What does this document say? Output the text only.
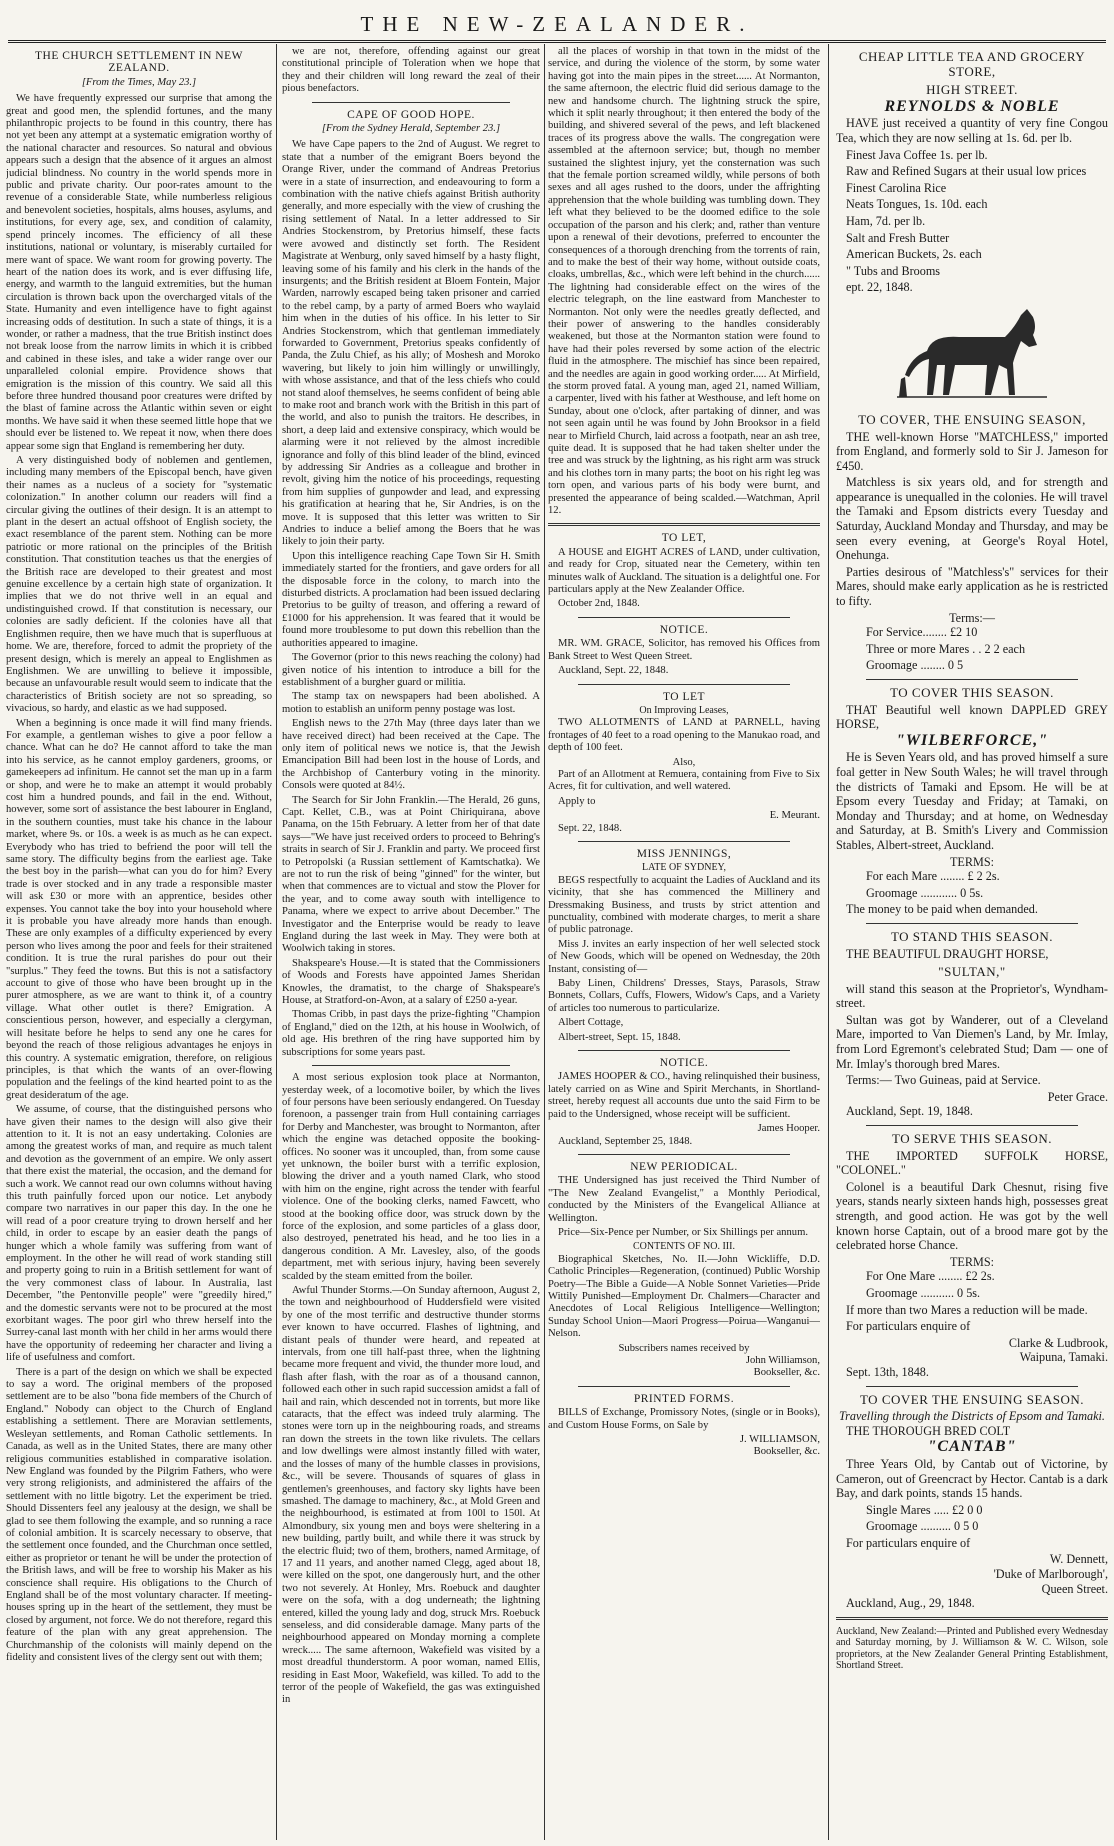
THE NEW-ZEALANDER.
THE CHURCH SETTLEMENT IN NEW ZEALAND.
[From the Times, May 23.]

We have frequently expressed our surprise that among the great and good men, the splendid fortunes, and the many philanthropic projects to be found in this country, there has not yet been any attempt at a systematic emigration worthy of the national character and resources. So natural and obvious appears such a design that the absence of it argues an almost judicial blindness. No country in the world spends more in public and private charity. Our poor-rates amount to the revenue of a considerable State, while numberless religious and benevolent societies, hospitals, alms houses, asylums, and institutions, for every age, sex, and condition of calamity, spend princely incomes. The efficiency of all these institutions, national or voluntary, is miserably curtailed for mere want of space. We want room for growing poverty. The heart of the nation does its work, and is ever diffusing life, energy, and warmth to the languid extremities, but the human circulation is thrown back upon the overcharged vitals of the State. Humanity and even intelligence have to fight against increasing odds of destitution. In such a state of things, it is a wonder, or rather a madness, that the true British instinct does not break loose from the narrow limits in which it is cribbed and cabined in these isles, and take a wider range over our unparalleled colonial empire. Providence shows that emigration is the mission of this country. We said all this before three hundred thousand poor creatures were drifted by the blast of famine across the Atlantic within seven or eight months. We have said it when these seemed little hope that we should ever be listened to. We repeat it now, when there does appear some sign that England is remembering her duty.

A very distinguished body of noblemen and gentlemen, including many members of the Episcopal bench, have given their names as a nucleus of a society for "systematic colonization." In another column our readers will find a circular giving the outlines of their design. It is an attempt to plant in the desert an actual offshoot of English society, the exact resemblance of the parent stem. Nothing can be more patriotic or more rational on the principles of the British constitution. That constitution teaches us that the energies of the British race are developed to their greatest and most genuine excellence by a certain high state of organization. It implies that we do not thrive well in an equal and undistinguished crowd. If that constitution is necessary, our colonies are sadly deficient. If the colonies have all that Englishmen require, then we have much that is superfluous at home. We are, therefore, forced to admit the propriety of the present design, which is merely an appeal to Englishmen as Englishmen. We are unwilling to believe it impossible, because an unfavourable result would seem to indicate that the characteristics of British society are not so spreading, so vivacious, so hardy, and elastic as we had supposed.

When a beginning is once made it will find many friends. For example, a gentleman wishes to give a poor fellow a chance. What can he do? He cannot afford to take the man into his service, as he cannot employ gardeners, grooms, or gamekeepers ad infinitum. He cannot set the man up in a farm or shop, and were he to make an attempt it would probably cost him a hundred pounds, and fail in the end. Without, however, some sort of assistance the best labourer in England, in the southern counties, must take his chance in the labour market, where 9s. or 10s. a week is as much as he can expect. Everybody who has tried to befriend the poor will tell the same story. The difficulty begins from the earliest age. Take the best boy in the parish—what can you do for him? Every trade is over stocked and in any trade a responsible master will ask £30 or more with an apprentice, besides other expenses. You cannot take the boy into your household where it is probable you have already more hands than enough. These are only examples of a difficulty experienced by every person who lives among the poor and feels for their straitened condition. It is true the rural parishes do pour out their "surplus." They feed the towns. But this is not a satisfactory account to give of those who have been brought up in the purer atmosphere, as we are want to think it, of a country village. What other outlet is there? Emigration. A conscientious person, however, and especially a clergyman, will hesitate before he helps to send any one he cares for beyond the reach of those religious advantages he enjoys in this country. A systematic emigration, therefore, on religious principles, is that which the wants of an over-flowing population and the feelings of the kind hearted point to as the great desideratum of the age.

We assume, of course, that the distinguished persons who have given their names to the design will also give their attention to it. It is not an easy undertaking. Colonies are among the greatest works of man, and require as much talent and devotion as the government of an empire. We only assert that there exist the material, the occasion, and the demand for such a work. We cannot read our own columns without having this truth painfully forced upon our notice. Let anybody compare two narratives in our paper this day. In the one he will read of a poor creature trying to drown herself and her child, in order to escape by an easier death the pangs of hunger which a whole family was suffering from want of employment. In the other he will read of work standing still and property going to ruin in a British settlement for want of the very commonest class of labour. In Australia, last December, "the Pentonville people" were "greedily hired," and the domestic servants were not to be procured at the most exorbitant wages. The poor girl who threw herself into the Surrey-canal last month with her child in her arms would there have the opportunity of redeeming her character and living a life of usefulness and comfort.

There is a part of the design on which we shall be expected to say a word. The original members of the proposed settlement are to be also "bona fide members of the Church of England." Nobody can object to the Church of England establishing a settlement. There are Moravian settlements, Wesleyan settlements, and Roman Catholic settlements. In Canada, as well as in the United States, there are many other religious communities established in comparative isolation. New England was founded by the Pilgrim Fathers, who were very strong religionists, and administered the affairs of the settlement with no little bigotry. Let the experiment be tried. Should Dissenters feel any jealousy at the design, we shall be glad to see them following the example, and so running a race of colonial ambition. It is scarcely necessary to observe, that the settlement once founded, and the Churchman once settled, either as proprietor or tenant he will be under the protection of the British laws, and will be free to worship his Maker as his conscience shall require. His obligations to the Church of England shall be of the most voluntary character. If meeting-houses spring up in the heart of the settlement, they must be closed by argument, not force. We do not therefore, regard this feature of the plan with any great apprehension. The Churchmanship of the colonists will mainly depend on the fidelity and consistent lives of the clergy sent out with them;

we are not, therefore, offending against our great constitutional principle of Toleration when we hope that they and their children will long reward the zeal of their pious benefactors.

CAPE OF GOOD HOPE.
[From the Sydney Herald, September 23.]

We have Cape papers to the 2nd of August. We regret to state that a number of the emigrant Boers beyond the Orange River, under the command of Andreas Pretorius were in a state of insurrection, and endeavouring to form a combination with the native chiefs against British authority generally, and more especially with the view of crushing the rising settlement of Natal. In a letter addressed to Sir Andries Stockenstrom, by Pretorius himself, these facts were avowed and distinctly set forth. The Resident Magistrate at Wenburg, only saved himself by a hasty flight, leaving some of his family and his clerk in the hands of the insurgents; and the British resident at Bloem Fontein, Major Warden, narrowly escaped being taken prisoner and carried to the rebel camp, by a party of armed Boers who waylaid him when in the duties of his office. In his letter to Sir Andries Stockenstrom, which that gentleman immediately forwarded to Government, Pretorius speaks confidently of Panda, the Zulu Chief, as his ally; of Moshesh and Moroko wavering, but likely to join him willingly or unwillingly, with whose assistance, and that of the less chiefs who could not stand aloof themselves, he seems confident of being able to make root and branch work with the British in this part of the world, and also to punish the traitors. He describes, in short, a deep laid and extensive conspiracy, which would be alarming were it not relieved by the almost incredible ignorance and folly of this blind leader of the blind, evinced by addressing Sir Andries as a colleague and brother in revolt, giving him the notice of his proceedings, requesting from him supplies of gunpowder and lead, and expressing his gratification at hearing that he, Sir Andries, is on the move. It is supposed that this letter was written to Sir Andries to induce a belief among the Boers that he was likely to join their party.

Upon this intelligence reaching Cape Town Sir H. Smith immediately started for the frontiers, and gave orders for all the disposable force in the colony, to march into the disturbed districts. A proclamation had been issued declaring Pretorius to be guilty of treason, and offering a reward of £1000 for his apprehension. It was feared that it would be found more troublesome to put down this rebellion than the authorities appeared to imagine.

The Governor (prior to this news reaching the colony) had given notice of his intention to introduce a bill for the establishment of a burgher guard or militia.

The stamp tax on newspapers had been abolished. A motion to establish an uniform penny postage was lost.

English news to the 27th May (three days later than we have received direct) had been received at the Cape. The only item of political news we notice is, that the Jewish Emancipation Bill had been lost in the house of Lords, and the Archbishop of Canterbury voting in the minority. Consols were quoted at 84½.

The Search for Sir John Franklin.—The Herald, 26 guns, Capt. Kellet, C.B., was at Point Chiriquirana, above Panama, on the 15th February. A letter from her of that date says—"We have just received orders to proceed to Behring's straits in search of Sir J. Franklin and party. We proceed first to Petropolski (a Russian settlement of Kamtschatka). We are not to run the risk of being "ginned" for the winter, but when that commences are to victual and stow the Plover for the year, and to come away south with intelligence to Panama, where we expect to arrive about December." The Investigator and the Enterprise would be ready to leave England during the last week in May. They were both at Woolwich taking in stores.

Shakspeare's House.—It is stated that the Commissioners of Woods and Forests have appointed James Sheridan Knowles, the dramatist, to the charge of Shakspeare's House, at Stratford-on-Avon, at a salary of £250 a-year.

Thomas Cribb, in past days the prize-fighting "Champion of England," died on the 12th, at his house in Woolwich, of old age. His brethren of the ring have supported him by subscriptions for some years past.

A most serious explosion took place at Normanton, yesterday week, of a locomotive boiler, by which the lives of four persons have been seriously endangered. On Tuesday forenoon, a passenger train from Hull containing carriages for Derby and Manchester, was brought to Normanton, after which the engine was detached opposite the booking-offices. No sooner was it uncoupled, than, from some cause yet unknown, the boiler burst with a terrific explosion, blowing the driver and a youth named Clark, who stood with him on the engine, right across the tender with fearful violence. One of the booking clerks, named Fawcett, who stood at the booking office door, was struck down by the force of the explosion, and some particles of a glass door, also destroyed, penetrated his head, and he too lies in a dangerous condition. A Mr. Lavesley, also, of the goods department, met with serious injury, having been severely scalded by the steam emitted from the boiler.

Awful Thunder Storms.—On Sunday afternoon, August 2, the town and neighbourhood of Huddersfield were visited by one of the most terrific and destructive thunder storms ever known to have occurred. Flashes of lightning, and distant peals of thunder were heard, and repeated at intervals, from one till half-past three, when the lightning became more frequent and vivid, the thunder more loud, and flash after flash, with the roar as of a thousand cannon, followed each other in such rapid succession amidst a fall of hail and rain, which descended not in torrents, but more like cataracts, that the effect was indeed truly alarming. The stones were torn up in the neighbouring roads, and streams ran down the streets in the town like rivulets. The cellars and low dwellings were almost instantly filled with water, and the losses of many of the humble classes in provisions, &c., will be severe. Thousands of squares of glass in gentlemen's greenhouses, and factory sky lights have been smashed. The damage to machinery, &c., at Mold Green and the neighbourhood, is estimated at from 100l to 150l. At Almondbury, six young men and boys were sheltering in a new building, partly built, and while there it was struck by the electric fluid; two of them, brothers, named Armitage, of 17 and 11 years, and another named Clegg, aged about 18, were killed on the spot, one dangerously hurt, and the other two not severely. At Honley, Mrs. Roebuck and daughter were on the sofa, with a dog underneath; the lightning entered, killed the young lady and dog, struck Mrs. Roebuck senseless, and did considerable damage. Many parts of the neighbourhood appeared on Monday morning a complete wreck..... The same afternoon, Wakefield was visited by a most dreadful thunderstorm. A poor woman, named Ellis, residing in East Moor, Wakefield, was killed. To add to the terror of the people of Wakefield, the gas was extinguished in

all the places of worship in that town in the midst of the service, and during the violence of the storm, by some water having got into the main pipes in the street...... At Normanton, the same afternoon, the electric fluid did serious damage to the new and handsome church. The lightning struck the spire, which it split nearly throughout; it then entered the body of the building, and shivered several of the pews, and left blackened traces of its progress above the walls. The congregation were assembled at the afternoon service; but, though no member sustained the slightest injury, yet the consternation was such that the female portion screamed wildly, while persons of both sexes and all ages rushed to the doors, under the affrighting apprehension that the whole building was tumbling down. They left what they believed to be the doomed edifice to the sole occupation of the parson and his clerk; and, rather than venture upon a renewal of their devotions, preferred to encounter the consequences of a thorough drenching from the torrents of rain, and to make the best of their way home, without outside coats, cloaks, umbrellas, &c., which were left behind in the church...... The lightning had considerable effect on the wires of the electric telegraph, on the line eastward from Manchester to Normanton. Not only were the needles greatly deflected, and their power of answering to the handles considerably weakened, but those at the Normanton station were found to have had their poles reversed by some action of the electric fluid in the atmosphere. The mischief has since been repaired, and the needles are again in good working order..... At Mirfield, the storm proved fatal. A young man, aged 21, named William, a carpenter, lived with his father at Westhouse, and left home on Sunday, about one o'clock, after partaking of dinner, and was not seen again until he was found by John Brooksor in a field near to Mirfield Church, laid across a footpath, near an ash tree, quite dead. It is supposed that he had taken shelter under the tree and was struck by the lightning, as his right arm was struck and his clothes torn in many parts; the boot on his right leg was torn open, and various parts of his body were burnt, and presented the appearance of being scalded.—Watchman, April 12.

TO LET,

A HOUSE and EIGHT ACRES of LAND, under cultivation, and ready for Crop, situated near the Cemetery, within ten minutes walk of Auckland. The situation is a delightful one. For particulars apply at the New Zealander Office.

October 2nd, 1848.

NOTICE.

MR. WM. GRACE, Solicitor, has removed his Offices from Bank Street to West Queen Street.

Auckland, Sept. 22, 1848.

TO LET
On Improving Leases,

TWO ALLOTMENTS of LAND at PARNELL, having frontages of 40 feet to a road opening to the Manukao road, and depth of 100 feet.

Also,

Part of an Allotment at Remuera, containing from Five to Six Acres, fit for cultivation, and well watered.

Apply to

E. Meurant.

Sept. 22, 1848.

MISS JENNINGS,
LATE OF SYDNEY,

BEGS respectfully to acquaint the Ladies of Auckland and its vicinity, that she has commenced the Millinery and Dressmaking Business, and trusts by strict attention and punctuality, combined with moderate charges, to merit a share of public patronage.

Miss J. invites an early inspection of her well selected stock of New Goods, which will be opened on Wednesday, the 20th Instant, consisting of—

Baby Linen, Childrens' Dresses, Stays, Parasols, Straw Bonnets, Collars, Cuffs, Flowers, Widow's Caps, and a Variety of articles too numerous to particularize.

Albert Cottage,

Albert-street, Sept. 15, 1848.

NOTICE.

JAMES HOOPER & CO., having relinquished their business, lately carried on as Wine and Spirit Merchants, in Shortland-street, hereby request all accounts due unto the said Firm to be paid to the Undersigned, whose receipt will be sufficient.

James Hooper.

Auckland, September 25, 1848.

NEW PERIODICAL.

THE Undersigned has just received the Third Number of "The New Zealand Evangelist," a Monthly Periodical, conducted by the Ministers of the Evangelical Alliance at Wellington.

Price—Six-Pence per Number, or Six Shillings per annum.

CONTENTS OF NO. III.

Biographical Sketches, No. II.—John Wickliffe, D.D. Catholic Principles—Regeneration, (continued) Public Worship Poetry—The Bible a Guide—A Noble Sonnet Varieties—Pride Wittily Punished—Employment Dr. Chalmers—Character and Anecdotes of Local Religious Intelligence—Wellington; Sunday School Union—Maori Progress—Poirua—Wanganui—Nelson.

Subscribers names received by
John Williamson,
Bookseller, &c.
PRINTED FORMS.

BILLS of Exchange, Promissory Notes, (single or in Books), and Custom House Forms, on Sale by

J. WILLIAMSON,
Bookseller, &c.
CHEAP LITTLE TEA AND GROCERY STORE,
HIGH STREET.
REYNOLDS & NOBLE

HAVE just received a quantity of very fine Congou Tea, which they are now selling at 1s. 6d. per lb.

Finest Java Coffee 1s. per lb.

Raw and Refined Sugars at their usual low prices

Finest Carolina Rice

Neats Tongues, 1s. 10d. each

Ham, 7d. per lb.

Salt and Fresh Butter

American Buckets, 2s. each

" Tubs and Brooms

ept. 22, 1848.

TO COVER, THE ENSUING SEASON,

THE well-known Horse "MATCHLESS," imported from England, and formerly sold to Sir J. Jameson for £450.

Matchless is six years old, and for strength and appearance is unequalled in the colonies. He will travel the Tamaki and Epsom districts every Tuesday and Saturday, Auckland Monday and Thursday, and may be seen every evening, at George's Royal Hotel, Onehunga.

Parties desirous of "Matchless's" services for their Mares, should make early application as he is restricted to fifty.

Terms:—

For Service........ £2 10

Three or more Mares . . 2 2 each

Groomage ........ 0 5

TO COVER THIS SEASON.

THAT Beautiful well known DAPPLED GREY HORSE,

"WILBERFORCE,"

He is Seven Years old, and has proved himself a sure foal getter in New South Wales; he will travel through the districts of Tamaki and Epsom. He will be at Epsom every Tuesday and Friday; at Tamaki, on Monday and Thursday; and at home, on Wednesday and Saturday, at B. Smith's Livery and Commission Stables, Albert-street, Auckland.

TERMS:

For each Mare ........ £ 2 2s.

Groomage ............ 0 5s.

The money to be paid when demanded.

TO STAND THIS SEASON.

THE BEAUTIFUL DRAUGHT HORSE,

"SULTAN,"

will stand this season at the Proprietor's, Wyndham-street.

Sultan was got by Wanderer, out of a Cleveland Mare, imported to Van Diemen's Land, by Mr. Imlay, from Lord Egremont's celebrated Stud; Dam — one of Mr. Imlay's thorough bred Mares.

Terms:— Two Guineas, paid at Service.

Peter Grace.

Auckland, Sept. 19, 1848.

TO SERVE THIS SEASON.

THE IMPORTED SUFFOLK HORSE, "COLONEL."

Colonel is a beautiful Dark Chesnut, rising five years, stands nearly sixteen hands high, possesses great strength, and good action. He was got by the well known horse Captain, out of a brood mare got by the celebrated horse Chance.

TERMS:

For One Mare ........ £2 2s.

Groomage ........... 0 5s.

If more than two Mares a reduction will be made.

For particulars enquire of

Clarke & Ludbrook,
Waipuna, Tamaki.

Sept. 13th, 1848.

TO COVER THE ENSUING SEASON.
Travelling through the Districts of Epsom and Tamaki.

THE THOROUGH BRED COLT

"CANTAB"

Three Years Old, by Cantab out of Victorine, by Cameron, out of Greencract by Hector. Cantab is a dark Bay, and dark points, stands 15 hands.

Single Mares ..... £2 0 0

Groomage .......... 0 5 0

For particulars enquire of

W. Dennett,
'Duke of Marlborough',
Queen Street.

Auckland, Aug., 29, 1848.

Auckland, New Zealand:—Printed and Published every Wednesday and Saturday morning, by J. Williamson & W. C. Wilson, sole proprietors, at the New Zealander General Printing Establishment, Shortland Street.
